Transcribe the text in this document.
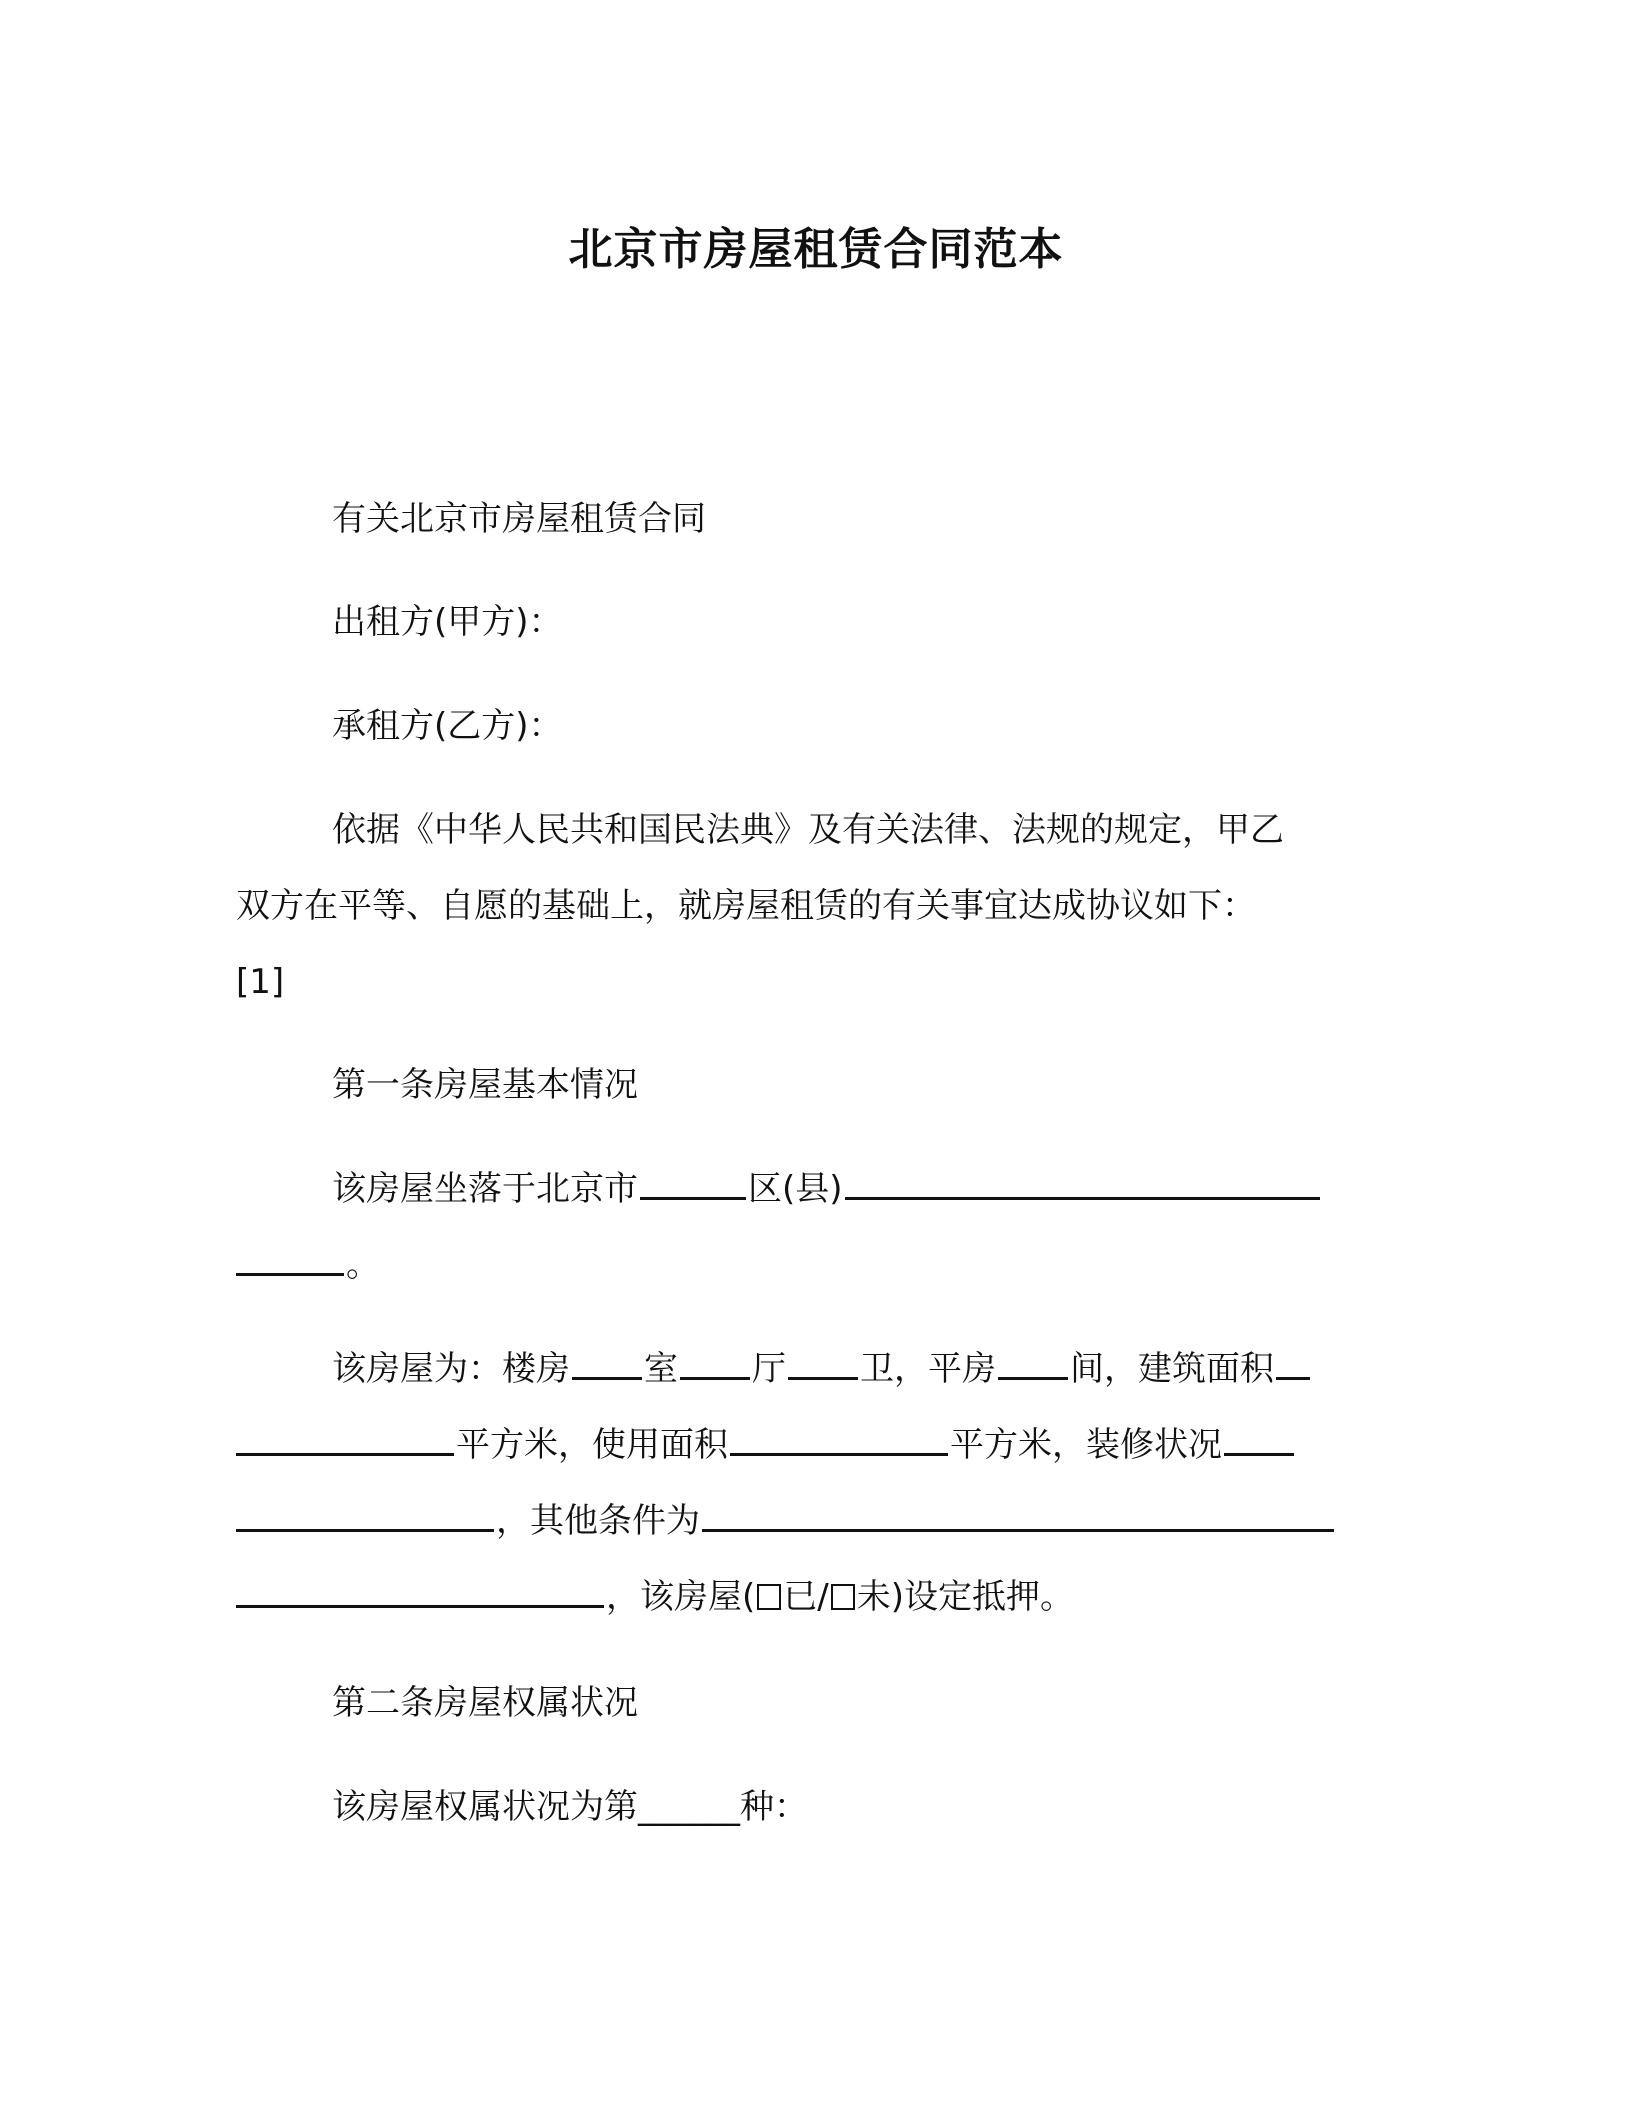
北京市房屋租赁合同范本
有关北京市房屋租赁合同
出租方(甲方)：
承租方(乙方)：
依据《中华人民共和国民法典》及有关法律、法规的规定，甲乙
双方在平等、自愿的基础上，就房屋租赁的有关事宜达成协议如下：
[1]
第一条房屋基本情况
该房屋坐落于北京市	区(县)
。
该房屋为：楼房 室 厅 卫，平房 间，建筑面积
平方米，使用面积	平方米，装修状况
，其他条件为
，该房屋( 已/ 未)设定抵押。
第二条房屋权属状况
该房屋权属状况为第______种：
